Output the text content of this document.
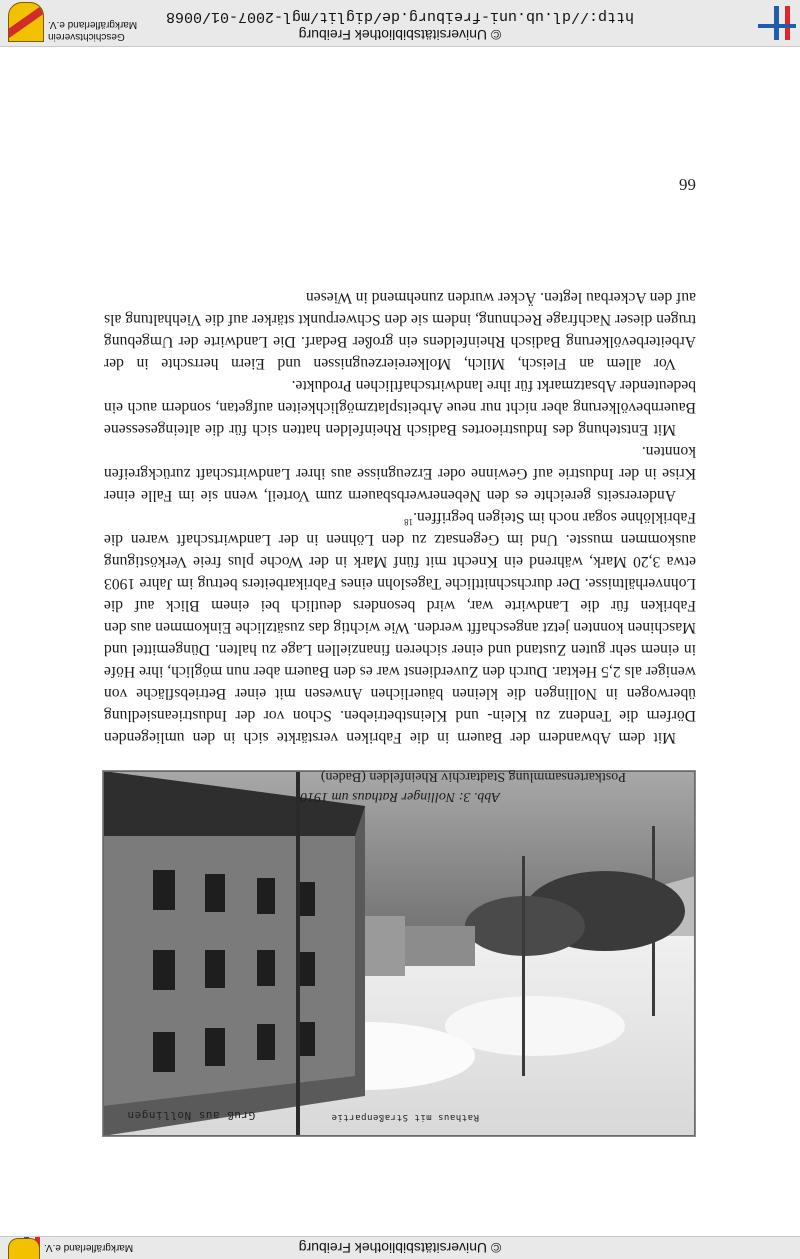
© Universitätsbibliothek Freiburg
Markgräflerland e.V.
Gruß aus Nollingen	Rathaus mit Straßenpartie
Abb. 3: Nollinger Rathaus um 1910
Postkartensammlung Stadtarchiv Rheinfelden (Baden)

Mit dem Abwandern der Bauern in die Fabriken verstärkte sich in den umliegenden Dörfern die Tendenz zu Klein- und Kleinstbetrieben. Schon vor der Industrieansiedlung überwogen in Nollingen die kleinen bäuerlichen Anwesen mit einer Betriebsfläche von weniger als 2,5 Hektar. Durch den Zuverdienst war es den Bauern aber nun möglich, ihre Höfe in einem sehr guten Zustand und einer sicheren finanziellen Lage zu halten. Düngemittel und Maschinen konnten jetzt angeschafft werden. Wie wichtig das zusätzliche Einkommen aus den Fabriken für die Landwirte war, wird besonders deutlich bei einem Blick auf die Lohnverhältnisse. Der durchschnittliche Tageslohn eines Fabrikarbeiters betrug im Jahre 1903 etwa 3,20 Mark, während ein Knecht mit fünf Mark in der Woche plus freie Verköstigung auskommen musste. Und im Gegensatz zu den Löhnen in der Landwirtschaft waren die Fabriklöhne sogar noch im Steigen begriffen.$^{18}$

Andererseits gereichte es den Nebenerwerbsbauern zum Vorteil, wenn sie im Falle einer Krise in der Industrie auf Gewinne oder Erzeugnisse aus ihrer Landwirtschaft zurückgreifen konnten.

Mit Entstehung des Industrieortes Badisch Rheinfelden hatten sich für die alteingesessene Bauernbevölkerung aber nicht nur neue Arbeitsplatzmöglichkeiten aufgetan, sondern auch ein bedeutender Absatzmarkt für ihre landwirtschaftlichen Produkte.

Vor allem an Fleisch, Milch, Molkereierzeugnissen und Eiern herrschte in der Arbeiterbevölkerung Badisch Rheinfeldens ein großer Bedarf. Die Landwirte der Umgebung trugen dieser Nachfrage Rechnung, indem sie den Schwerpunkt stärker auf die Viehhaltung als auf den Ackerbau legten. Äcker wurden zunehmend in Wiesen

66
© Universitätsbibliothek Freiburg
http://dl.ub.uni-freiburg.de/diglit/mgl-2007-01/0068
Geschichtsverein
Markgräflerland e.V.
